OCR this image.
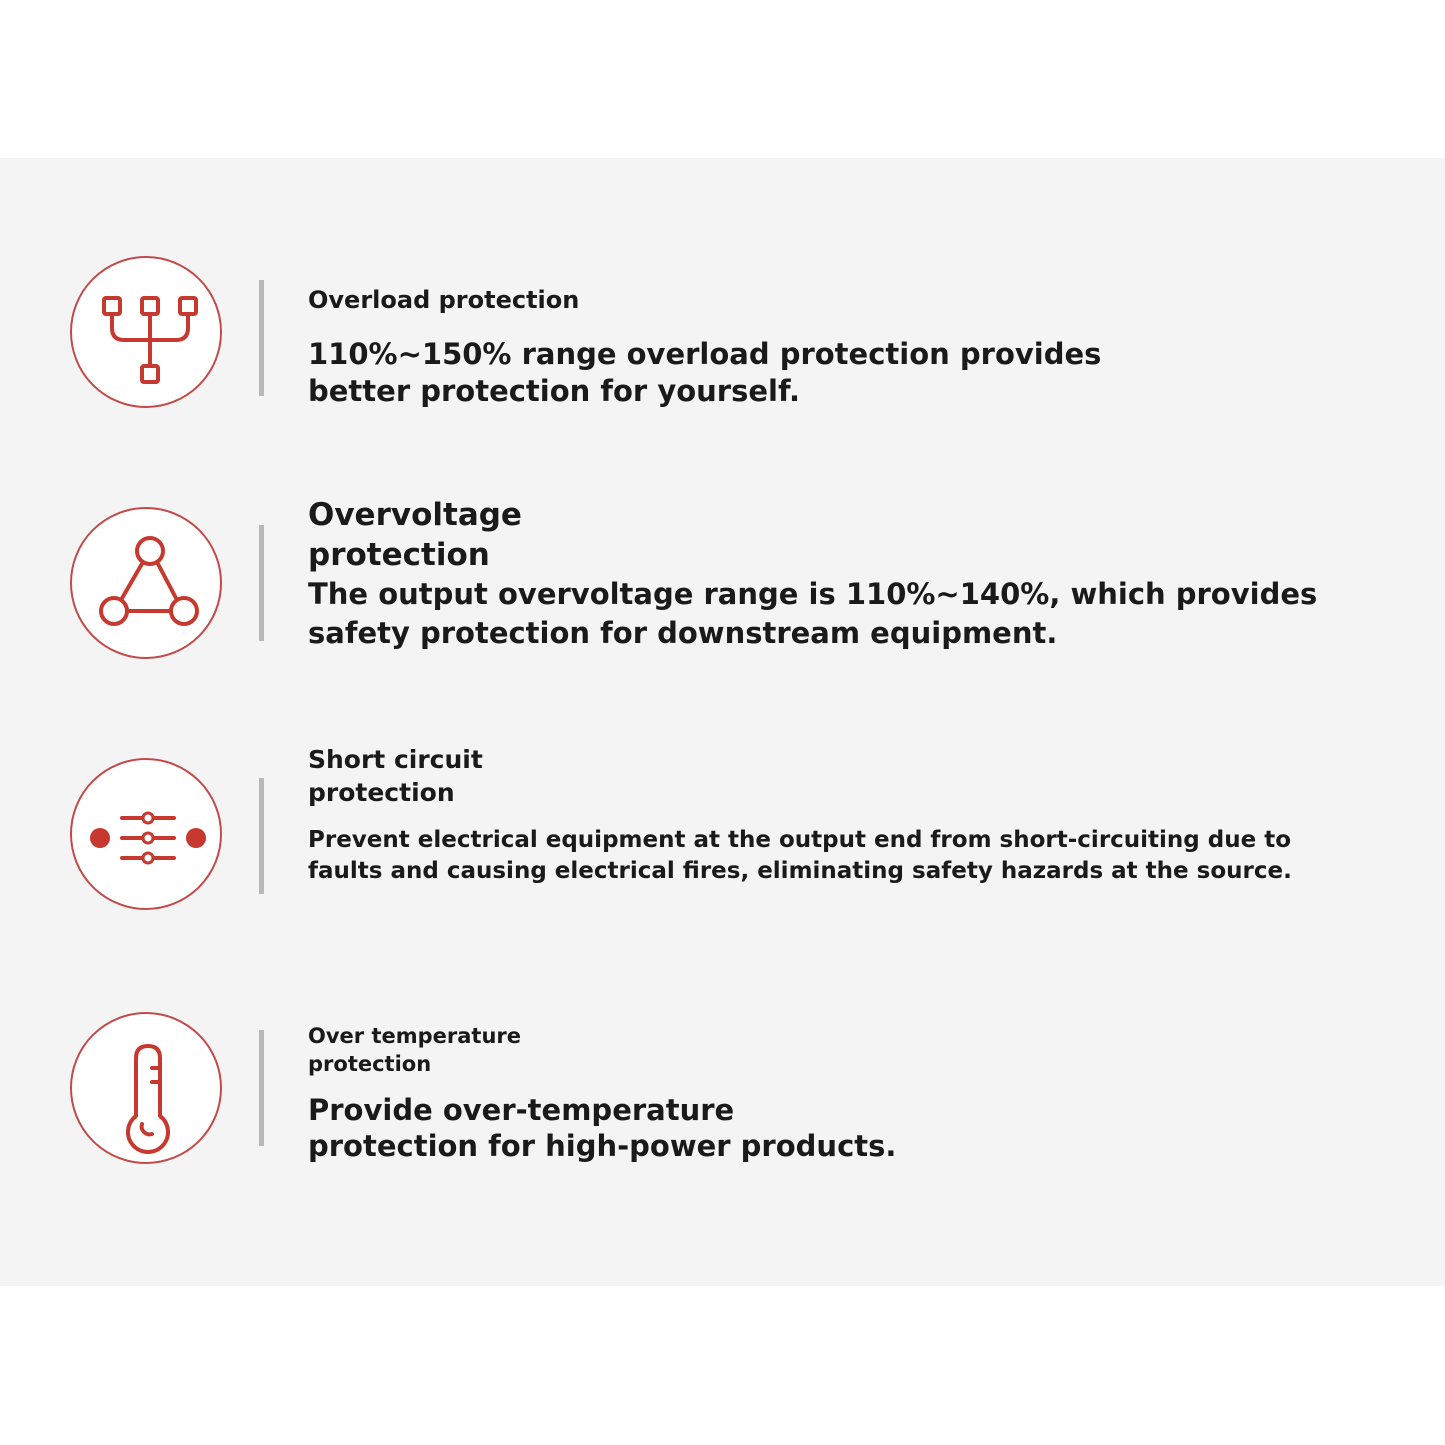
Overload protection

110%~150% range overload protection provides better protection for yourself.

Overvoltage protection

The output overvoltage range is 110%~140%, which provides safety protection for downstream equipment.

Short circuit protection

Prevent electrical equipment at the output end from short-circuiting due to faults and causing electrical fires, eliminating safety hazards at the source.

Over temperature protection

Provide over-temperature protection for high-power products.
